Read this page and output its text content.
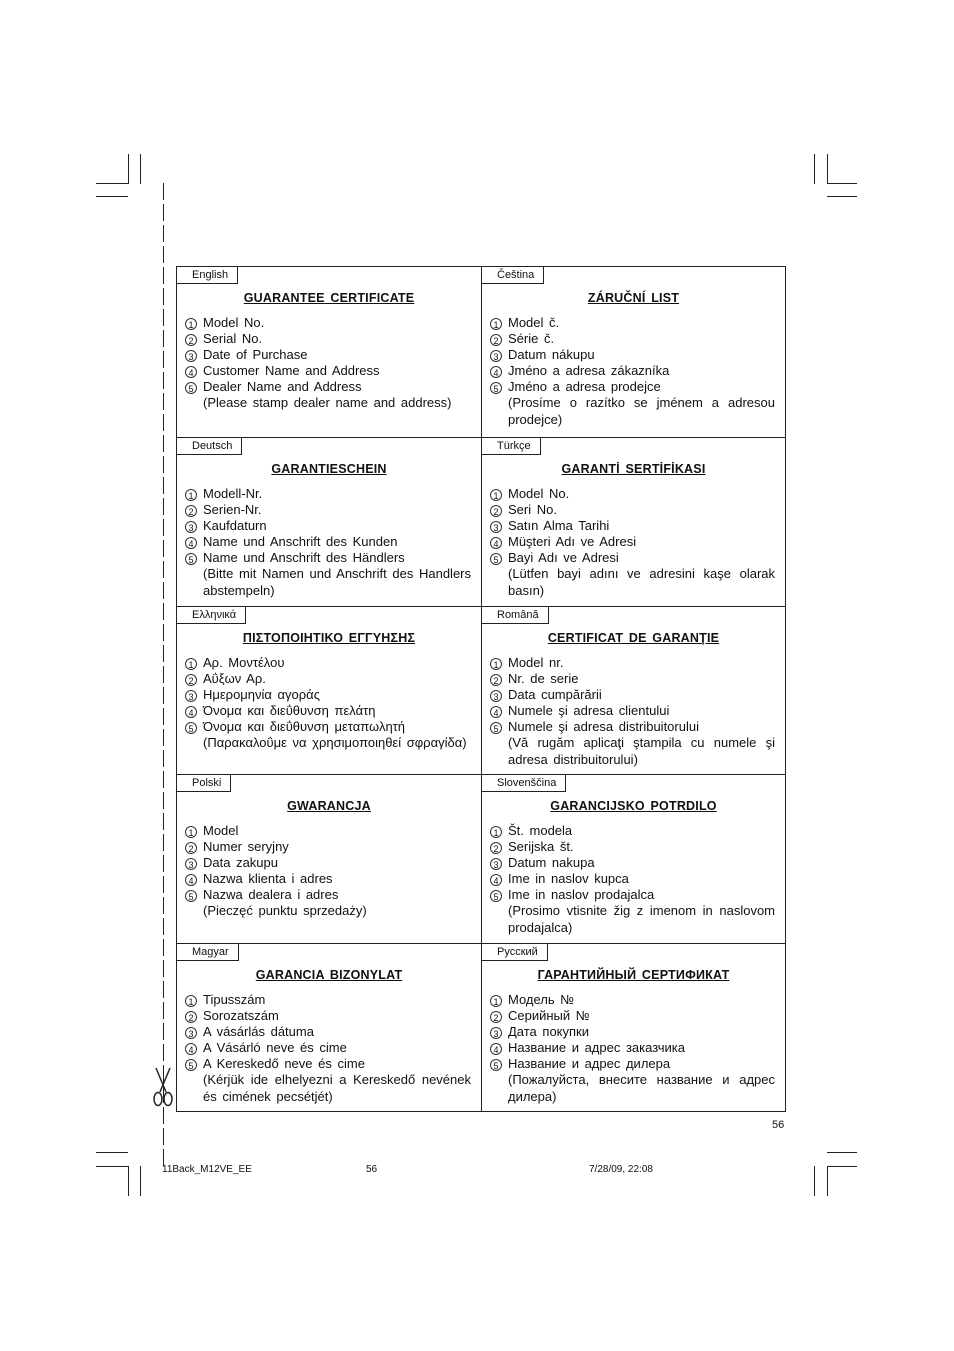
English
GUARANTEE CERTIFICATE
1 Model No.
2 Serial No.
3 Date of Purchase
4 Customer Name and Address
5 Dealer Name and Address
(Please stamp dealer name and address)
Čeština
ZÁRUČNÍ LIST
1 Model č.
2 Série č.
3 Datum nákupu
4 Jméno a adresa zákazníka
5 Jméno a adresa prodejce
(Prosíme o razítko se jménem a adresou prodejce)
Deutsch
GARANTIESCHEIN
1 Modell-Nr.
2 Serien-Nr.
3 Kaufdaturn
4 Name und Anschrift des Kunden
5 Name und Anschrift des Händlers
(Bitte mit Namen und Anschrift des Handlers abstempeln)
Türkçe
GARANTİ SERTİFİKASI
1 Model No.
2 Seri No.
3 Satın Alma Tarihi
4 Müşteri Adı ve Adresi
5 Bayi Adı ve Adresi
(Lütfen bayi adını ve adresini kaşe olarak basın)
Ελληνικά
ΠΙΣΤΟΠΟΙΗΤΙΚΟ ΕΓΓΥΗΣΗΣ
1 Αρ. Μοντέλου
2 Αΰξων Αρ.
3 Ημερομηνία αγοράς
4 Όνομα και διεΰθυνση πελάτη
5 Όνομα και διεΰθυνση μεταπωλητή
(Παρακαλοΰμε να χρησιμοποιηθεί σφραγίδα)
Română
CERTIFICAT DE GARANŢIE
1 Model nr.
2 Nr. de serie
3 Data cumpărării
4 Numele şi adresa clientului
5 Numele şi adresa distribuitorului
(Vă rugăm aplicaţi ştampila cu numele şi adresa distribuitorului)
Polski
GWARANCJA
1 Model
2 Numer seryjny
3 Data zakupu
4 Nazwa klienta i adres
5 Nazwa dealera i adres
(Pieczęć punktu sprzedaży)
Slovenščina
GARANCIJSKO POTRDILO
1 Št. modela
2 Serijska št.
3 Datum nakupa
4 Ime in naslov kupca
5 Ime in naslov prodajalca
(Prosimo vtisnite žig z imenom in naslovom prodajalca)
Magyar
GARANCIA BIZONYLAT
1 Tipusszám
2 Sorozatszám
3 A vásárlás dátuma
4 A Vásárló neve és cime
5 A Kereskedő neve és cime
(Kérjük ide elhelyezni a Kereskedő nevének és cimének pecsétjét)
Русский
ГАРАНТИЙНЫЙ СЕРТИФИКАТ
1 Модель №
2 Серийный №
3 Дата покупки
4 Название и адрес заказчика
5 Название и адрес дилера
(Пожалуйста, внесите название и адрес дилера)
56
11Back_M12VE_EE	56	7/28/09, 22:08
